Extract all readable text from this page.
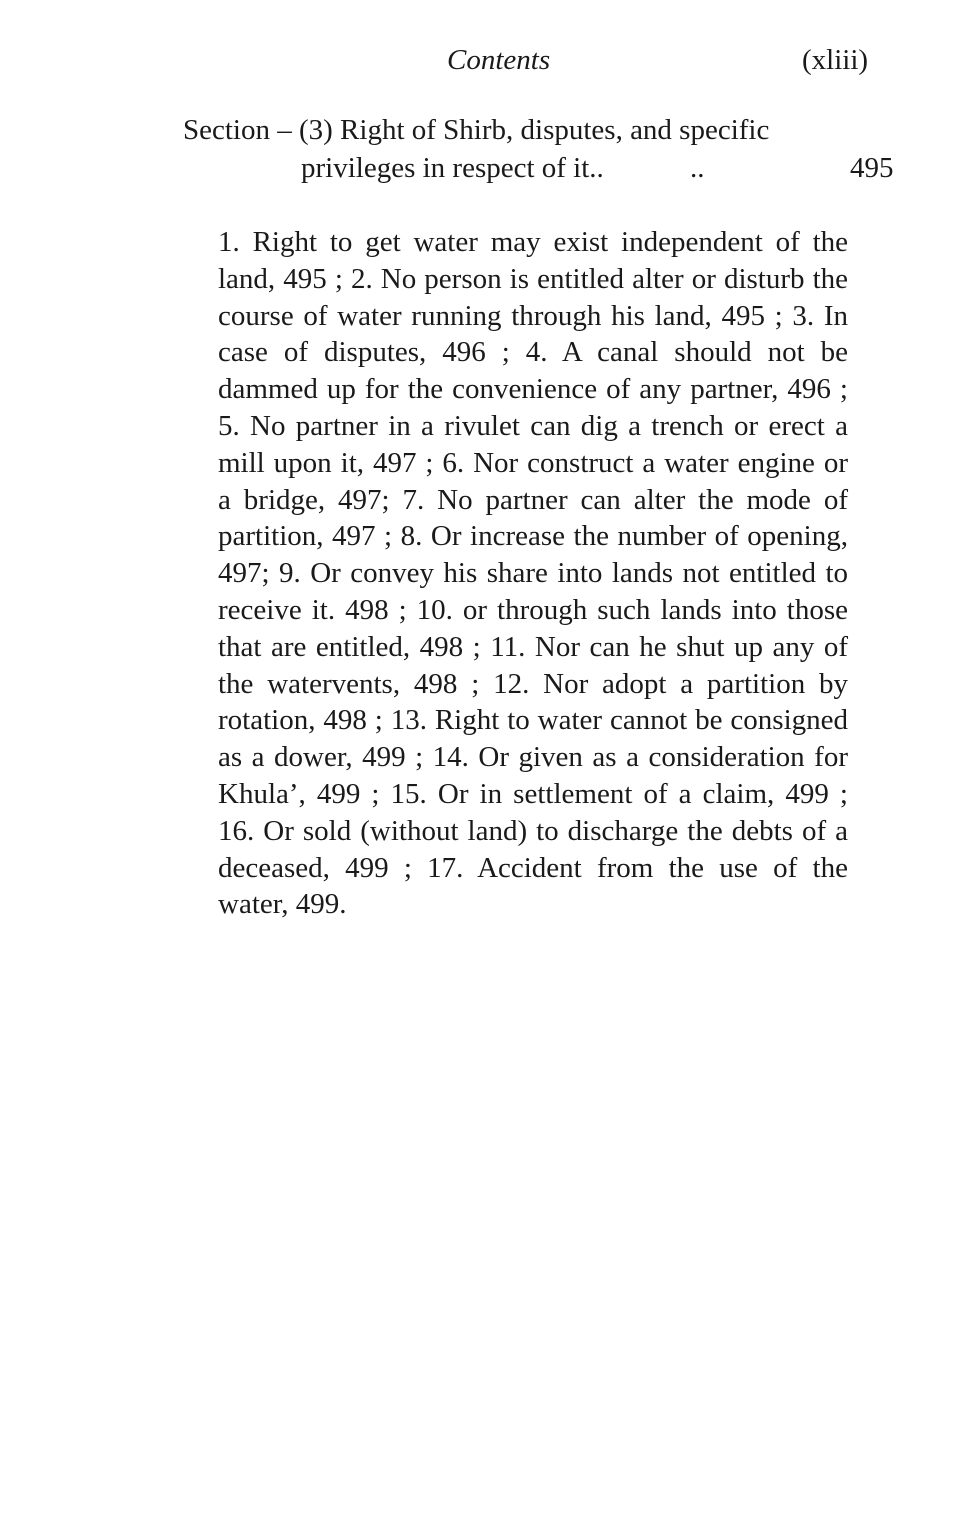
Contents	(xliii)
Section – (3) Right of Shirb, disputes, and specific
privileges in respect of it..	..	495

1. Right to get water may exist independent of the land, 495 ; 2. No person is entitled alter or disturb the course of water running through his land, 495 ; 3. In case of disputes, 496 ; 4. A canal should not be dammed up for the convenience of any partner, 496 ; 5. No partner in a rivulet can dig a trench or erect a mill upon it, 497 ; 6. Nor construct a water engine or a bridge, 497; 7. No partner can alter the mode of partition, 497 ; 8. Or increase the number of opening, 497; 9. Or convey his share into lands not entitled to receive it. 498 ; 10. or through such lands into those that are entitled, 498 ; 11. Nor can he shut up any of the watervents, 498 ; 12. Nor adopt a partition by rotation, 498 ; 13. Right to water cannot be consigned as a dower, 499 ; 14. Or given as a consideration for Khula’, 499 ; 15. Or in settlement of a claim, 499 ; 16. Or sold (without land) to discharge the debts of a deceased, 499 ; 17. Accident from the use of the water, 499.
